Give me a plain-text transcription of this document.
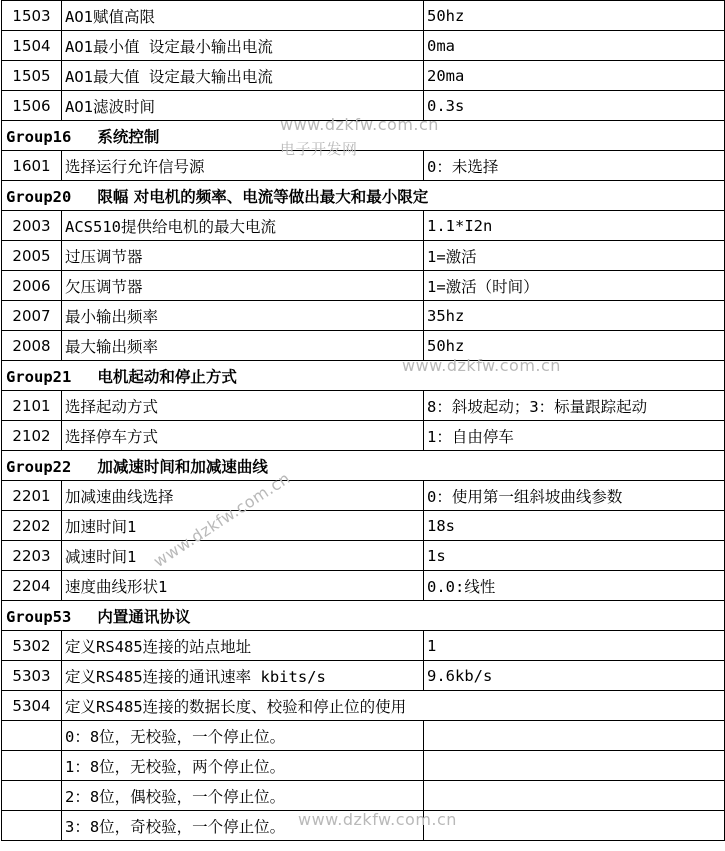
1503	AO1赋值高限	50hz
1504	AO1最小值 设定最小输出电流	0ma
1505	AO1最大值 设定最大输出电流	20ma
1506	AO1滤波时间	0.3s
Group16 系统控制		
1601	选择运行允许信号源	0：未选择
Group20 限幅 对电机的频率、电流等做出最大和最小限定		
2003	ACS510提供给电机的最大电流	1.1*I2n
2005	过压调节器	1=激活
2006	欠压调节器	1=激活（时间）
2007	最小输出频率	35hz
2008	最大输出频率	50hz
Group21 电机起动和停止方式		
2101	选择起动方式	8：斜坡起动；3：标量跟踪起动
2102	选择停车方式	1：自由停车
Group22 加减速时间和加减速曲线		
2201	加减速曲线选择	0：使用第一组斜坡曲线参数
2202	加速时间1	18s
2203	减速时间1	1s
2204	速度曲线形状1	0.0:线性
Group53 内置通讯协议		
5302	定义RS485连接的站点地址	1
5303	定义RS485连接的通讯速率 kbits/s	9.6kb/s
5304	定义RS485连接的数据长度、校验和停止位的使用	
	0：8位，无校验，一个停止位。	
	1：8位，无校验，两个停止位。	
	2：8位，偶校验，一个停止位。	
	3：8位，奇校验，一个停止位。	
www.dzkfw.com.cn
电子开发网
www.dzkfw.com.cn
www.dzkfw.com.cn
www.dzkfw.com.cn
